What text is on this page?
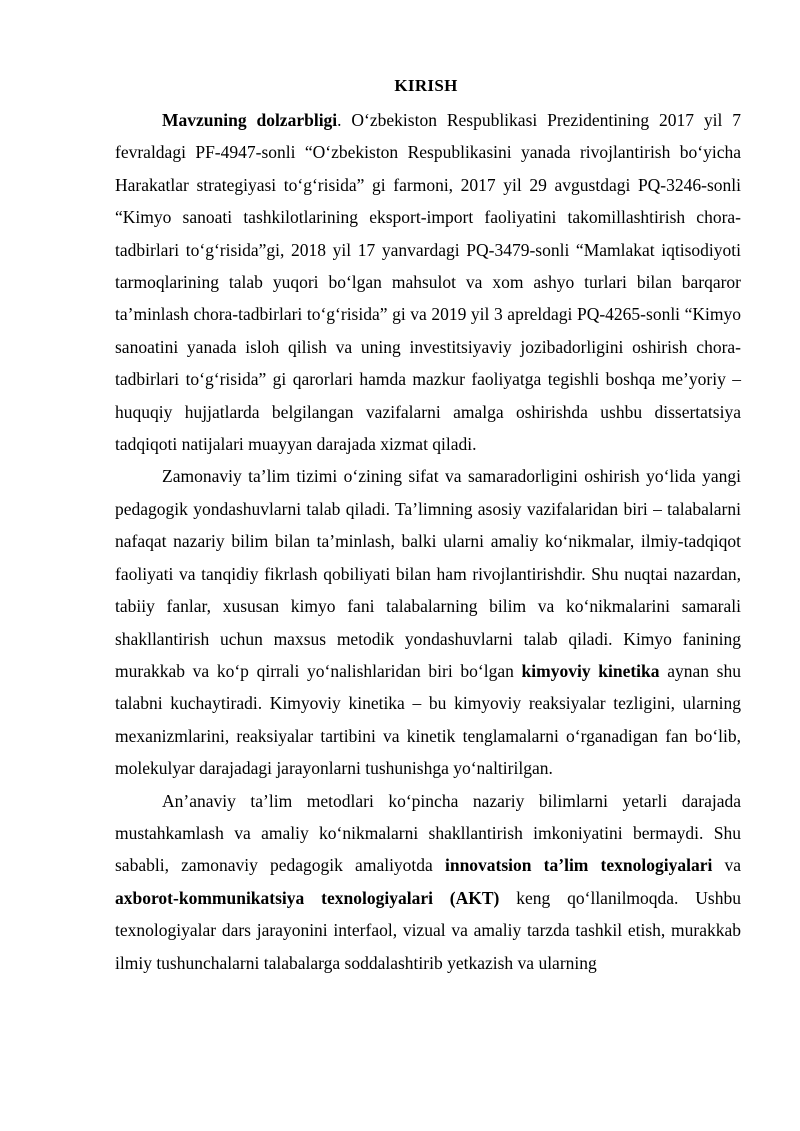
KIRISH

Mavzuning dolzarbligi. O‘zbekiston Respublikasi Prezidentining 2017 yil 7 fevraldagi PF-4947-sonli “O‘zbekiston Respublikasini yanada rivojlantirish bo‘yicha Harakatlar strategiyasi to‘g‘risida” gi farmoni, 2017 yil 29 avgustdagi PQ-3246-sonli “Kimyo sanoati tashkilotlarining eksport-import faoliyatini takomillashtirish chora-tadbirlari to‘g‘risida”gi, 2018 yil 17 yanvardagi PQ-3479-sonli “Mamlakat iqtisodiyoti tarmoqlarining talab yuqori bo‘lgan mahsulot va xom ashyo turlari bilan barqaror ta’minlash chora-tadbirlari to‘g‘risida” gi va 2019 yil 3 apreldagi PQ-4265-sonli “Kimyo sanoatini yanada isloh qilish va uning investitsiyaviy jozibadorligini oshirish chora-tadbirlari to‘g‘risida” gi qarorlari hamda mazkur faoliyatga tegishli boshqa me’yoriy – huquqiy hujjatlarda belgilangan vazifalarni amalga oshirishda ushbu dissertatsiya tadqiqoti natijalari muayyan darajada xizmat qiladi.

Zamonaviy ta’lim tizimi o‘zining sifat va samaradorligini oshirish yo‘lida yangi pedagogik yondashuvlarni talab qiladi. Ta’limning asosiy vazifalaridan biri – talabalarni nafaqat nazariy bilim bilan ta’minlash, balki ularni amaliy ko‘nikmalar, ilmiy-tadqiqot faoliyati va tanqidiy fikrlash qobiliyati bilan ham rivojlantirishdir. Shu nuqtai nazardan, tabiiy fanlar, xususan kimyo fani talabalarning bilim va ko‘nikmalarini samarali shakllantirish uchun maxsus metodik yondashuvlarni talab qiladi. Kimyo fanining murakkab va ko‘p qirrali yo‘nalishlaridan biri bo‘lgan kimyoviy kinetika aynan shu talabni kuchaytiradi. Kimyoviy kinetika – bu kimyoviy reaksiyalar tezligini, ularning mexanizmlarini, reaksiyalar tartibini va kinetik tenglamalarni o‘rganadigan fan bo‘lib, molekulyar darajadagi jarayonlarni tushunishga yo‘naltirilgan.

An’anaviy ta’lim metodlari ko‘pincha nazariy bilimlarni yetarli darajada mustahkamlash va amaliy ko‘nikmalarni shakllantirish imkoniyatini bermaydi. Shu sababli, zamonaviy pedagogik amaliyotda innovatsion ta’lim texnologiyalari va axborot-kommunikatsiya texnologiyalari (AKT) keng qo‘llanilmoqda. Ushbu texnologiyalar dars jarayonini interfaol, vizual va amaliy tarzda tashkil etish, murakkab ilmiy tushunchalarni talabalarga soddalashtirib yetkazish va ularning
